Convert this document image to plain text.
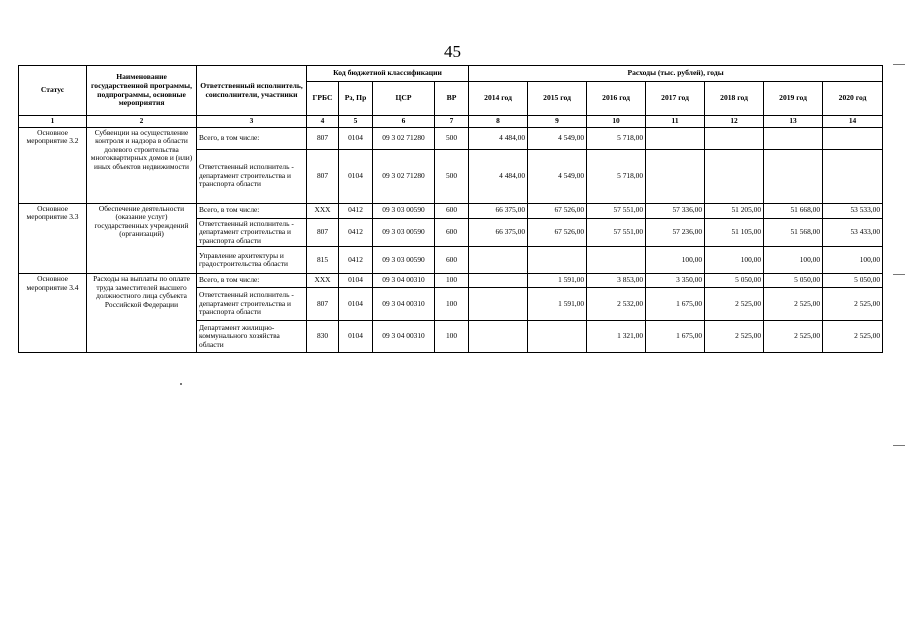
45
Статус	Наименование государственной программы, подпрограммы, основные мероприятия	Ответственный исполнитель, соисполнители, участники	Код бюджетной классификации				Расходы (тыс. рублей), годы						
			ГРБС	Рз, Пр	ЦСР	ВР	2014 год	2015 год	2016 год	2017 год	2018 год	2019 год	2020 год
1	2	3	4	5	6	7	8	9	10	11	12	13	14
Основное мероприятие 3.2	Субвенции на осуществление контроля и надзора в области долевого строительства многоквартирных домов и (или) иных объектов недвижимости	Всего, в том числе:	807	0104	09 3 02 71280	500	4 484,00	4 549,00	5 718,00				
		Ответственный исполнитель - департамент строительства и транспорта области	807	0104	09 3 02 71280	500	4 484,00	4 549,00	5 718,00				
Основное мероприятие 3.3	Обеспечение деятельности (оказание услуг) государственных учреждений (организаций)	Всего, в том числе:	XXX	0412	09 3 03 00590	600	66 375,00	67 526,00	57 551,00	57 336,00	51 205,00	51 668,00	53 533,00
		Ответственный исполнитель - департамент строительства и транспорта области	807	0412	09 3 03 00590	600	66 375,00	67 526,00	57 551,00	57 236,00	51 105,00	51 568,00	53 433,00
		Управление архитектуры и градостроительства области	815	0412	09 3 03 00590	600				100,00	100,00	100,00	100,00
Основное мероприятие 3.4	Расходы на выплаты по оплате труда заместителей высшего должностного лица субъекта Российской Федерации	Всего, в том числе:	XXX	0104	09 3 04 00310	100		1 591,00	3 853,00	3 350,00	5 050,00	5 050,00	5 050,00
		Ответственный исполнитель - департамент строительства и транспорта области	807	0104	09 3 04 00310	100		1 591,00	2 532,00	1 675,00	2 525,00	2 525,00	2 525,00
		Департамент жилищно-коммунального хозяйства области	830	0104	09 3 04 00310	100			1 321,00	1 675,00	2 525,00	2 525,00	2 525,00
